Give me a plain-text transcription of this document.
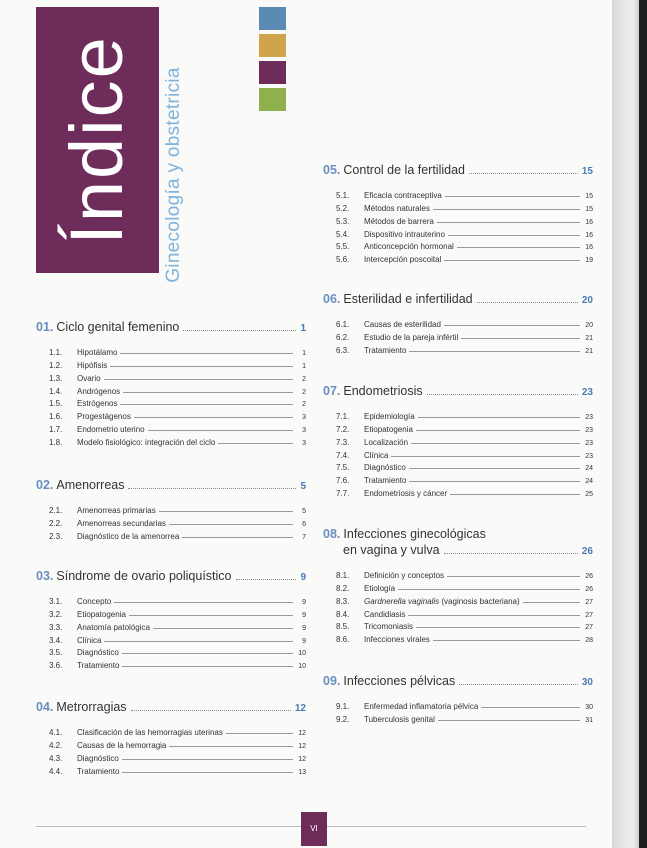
Índice Ginecología y obstetricia
01. Ciclo genital femenino	1
1.1.	Hipotálamo	1
1.2.	Hipófisis	1
1.3.	Ovario	2
1.4.	Andrógenos	2
1.5.	Estrógenos	2
1.6.	Progestágenos	3
1.7.	Endometrio uterino	3
1.8.	Modelo fisiológico: integración del ciclo	3
02. Amenorreas	5
2.1.	Amenorreas primarias	5
2.2.	Amenorreas secundarias	6
2.3.	Diagnóstico de la amenorrea	7
03. Síndrome de ovario poliquístico	9
3.1.	Concepto	9
3.2.	Etiopatogenia	9
3.3.	Anatomía patológica	9
3.4.	Clínica	9
3.5.	Diagnóstico	10
3.6.	Tratamiento	10
04. Metrorragias	12
4.1.	Clasificación de las hemorragias uterinas	12
4.2.	Causas de la hemorragia	12
4.3.	Diagnóstico	12
4.4.	Tratamiento	13
05. Control de la fertilidad	15
5.1.	Eficacia contraceptiva	15
5.2.	Métodos naturales	15
5.3.	Métodos de barrera	16
5.4.	Dispositivo intrauterino	16
5.5.	Anticoncepción hormonal	16
5.6.	Intercepción poscoital	19
06. Esterilidad e infertilidad	20
6.1.	Causas de esterilidad	20
6.2.	Estudio de la pareja infértil	21
6.3.	Tratamiento	21
07. Endometriosis	23
7.1.	Epidemiología	23
7.2.	Etiopatogenia	23
7.3.	Localización	23
7.4.	Clínica	23
7.5.	Diagnóstico	24
7.6.	Tratamiento	24
7.7.	Endometriosis y cáncer	25
08. Infecciones ginecológicas
en vagina y vulva	26
8.1.	Definición y conceptos	26
8.2.	Etiología	26
8.3.	Gardnerella vaginalis (vaginosis bacteriana)	27
8.4.	Candidiasis	27
8.5.	Tricomoniasis	27
8.6.	Infecciones virales	28
09. Infecciones pélvicas	30
9.1.	Enfermedad inflamatoria pélvica	30
9.2.	Tuberculosis genital	31
VI
